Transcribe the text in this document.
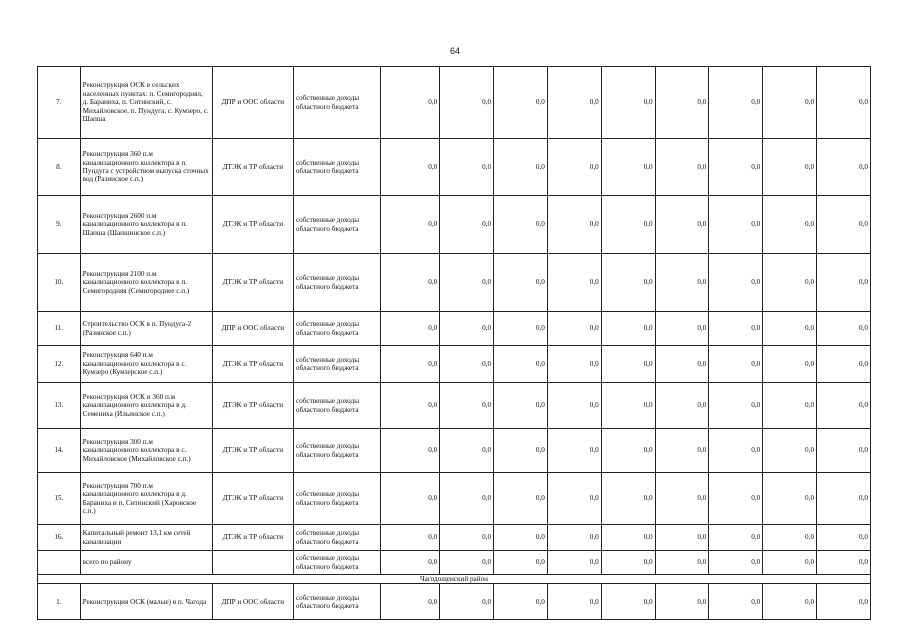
64
7.	Реконструкция ОСК в сельских населенных пунктах: п. Семигороднял, д. Бараниха, п. Ситинский, с. Михайловское, п. Пундуга, с. Кумзеро, с. Шапша	ДПР и ООС области	собственные доходы областного бюджета	0,0	0,0	0,0	0,0	0,0	0,0	0,0	0,0	0,0
8.	Реконструкция 360 п.м канализационного коллектора в п. Пундуга с устройством выпуска сточных вод (Разинское с.п.)	ДТЭК и ТР области	собственные доходы областного бюджета	0,0	0,0	0,0	0,0	0,0	0,0	0,0	0,0	0,0
9.	Реконструкция 2600 п.м канализационного коллектора в п. Шапша (Шапшинское с.п.)	ДТЭК и ТР области	собственные доходы областного бюджета	0,0	0,0	0,0	0,0	0,0	0,0	0,0	0,0	0,0
10.	Реконструкция 2100 п.м канализационного коллектора в п. Семигородняя (Семигороднее с.п.)	ДТЭК и ТР области	собственные доходы областного бюджета	0,0	0,0	0,0	0,0	0,0	0,0	0,0	0,0	0,0
11.	Строительство ОСК в п. Пундуга-2 (Разинское с.п.)	ДПР и ООС области	собственные доходы областного бюджета	0,0	0,0	0,0	0,0	0,0	0,0	0,0	0,0	0,0
12.	Реконструкция 640 п.м канализационного коллектора в с. Кумзеро (Кумзерское с.п.)	ДТЭК и ТР области	собственные доходы областного бюджета	0,0	0,0	0,0	0,0	0,0	0,0	0,0	0,0	0,0
13.	Реконструкция ОСК и 360 п.м канализационного коллектора в д. Семениха (Ильинское с.п.)	ДТЭК и ТР области	собственные доходы областного бюджета	0,0	0,0	0,0	0,0	0,0	0,0	0,0	0,0	0,0
14.	Реконструкция 300 п.м канализационного коллектора в с. Михайловское (Михайловское с.п.)	ДТЭК и ТР области	собственные доходы областного бюджета	0,0	0,0	0,0	0,0	0,0	0,0	0,0	0,0	0,0
15.	Реконструкция 700 п.м канализационного коллектора в д. Бараниха и п. Ситинский (Харовское с.п.)	ДТЭК и ТР области	собственные доходы областного бюджета	0,0	0,0	0,0	0,0	0,0	0,0	0,0	0,0	0,0
16.	Капитальный ремонт 13,1 км сетей канализации	ДТЭК и ТР области	собственные доходы областного бюджета	0,0	0,0	0,0	0,0	0,0	0,0	0,0	0,0	0,0
	всего по району		собственные доходы областного бюджета	0,0	0,0	0,0	0,0	0,0	0,0	0,0	0,0	0,0
Чагодощенский район												
1.	Реконструкция ОСК (малые) в п. Чагода	ДПР и ООС области	собственные доходы областного бюджета	0,0	0,0	0,0	0,0	0,0	0,0	0,0	0,0	0,0
